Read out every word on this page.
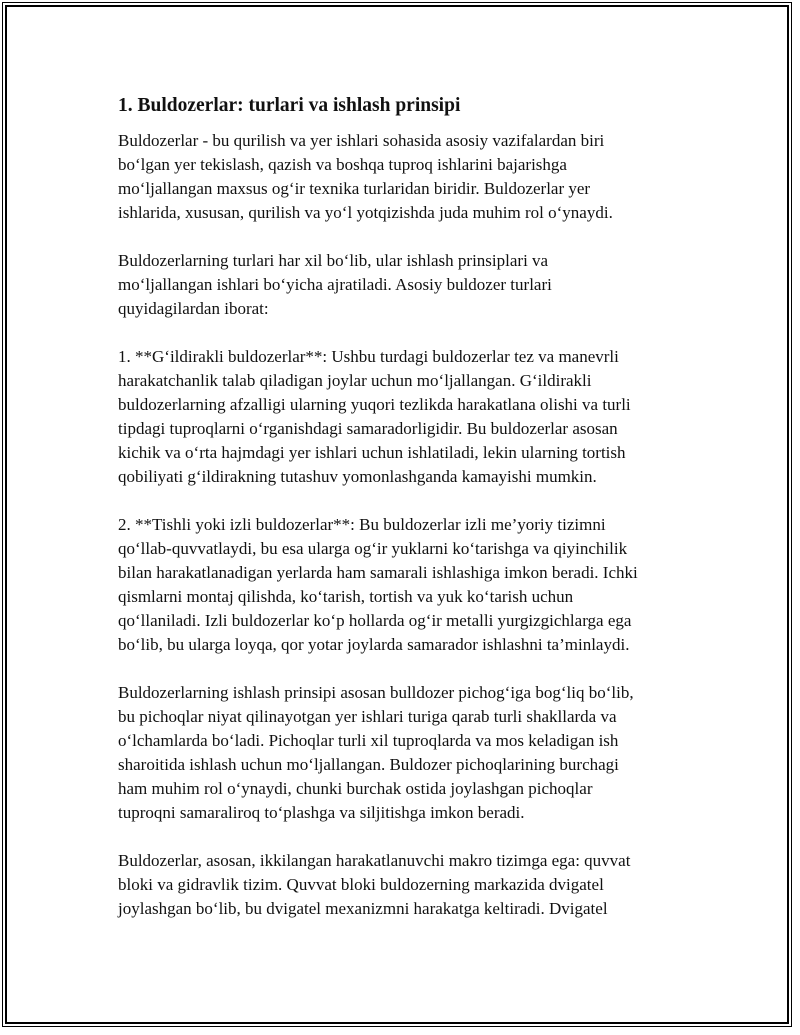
1. Buldozerlar: turlari va ishlash prinsipi
Buldozerlar - bu qurilish va yer ishlari sohasida asosiy vazifalardan biri
bo‘lgan yer tekislash, qazish va boshqa tuproq ishlarini bajarishga
mo‘ljallangan maxsus og‘ir texnika turlaridan biridir. Buldozerlar yer
ishlarida, xususan, qurilish va yo‘l yotqizishda juda muhim rol o‘ynaydi.
Buldozerlarning turlari har xil bo‘lib, ular ishlash prinsiplari va
mo‘ljallangan ishlari bo‘yicha ajratiladi. Asosiy buldozer turlari
quyidagilardan iborat:
1. **G‘ildirakli buldozerlar**: Ushbu turdagi buldozerlar tez va manevrli
harakatchanlik talab qiladigan joylar uchun mo‘ljallangan. G‘ildirakli
buldozerlarning afzalligi ularning yuqori tezlikda harakatlana olishi va turli
tipdagi tuproqlarni o‘rganishdagi samaradorligidir. Bu buldozerlar asosan
kichik va o‘rta hajmdagi yer ishlari uchun ishlatiladi, lekin ularning tortish
qobiliyati g‘ildirakning tutashuv yomonlashganda kamayishi mumkin.
2. **Tishli yoki izli buldozerlar**: Bu buldozerlar izli me’yoriy tizimni
qo‘llab-quvvatlaydi, bu esa ularga og‘ir yuklarni ko‘tarishga va qiyinchilik
bilan harakatlanadigan yerlarda ham samarali ishlashiga imkon beradi. Ichki
qismlarni montaj qilishda, ko‘tarish, tortish va yuk ko‘tarish uchun
qo‘llaniladi. Izli buldozerlar ko‘p hollarda og‘ir metalli yurgizgichlarga ega
bo‘lib, bu ularga loyqa, qor yotar joylarda samarador ishlashni ta’minlaydi.
Buldozerlarning ishlash prinsipi asosan bulldozer pichog‘iga bog‘liq bo‘lib,
bu pichoqlar niyat qilinayotgan yer ishlari turiga qarab turli shakllarda va
o‘lchamlarda bo‘ladi. Pichoqlar turli xil tuproqlarda va mos keladigan ish
sharoitida ishlash uchun mo‘ljallangan. Buldozer pichoqlarining burchagi
ham muhim rol o‘ynaydi, chunki burchak ostida joylashgan pichoqlar
tuproqni samaraliroq to‘plashga va siljitishga imkon beradi.
Buldozerlar, asosan, ikkilangan harakatlanuvchi makro tizimga ega: quvvat
bloki va gidravlik tizim. Quvvat bloki buldozerning markazida dvigatel
joylashgan bo‘lib, bu dvigatel mexanizmni harakatga keltiradi. Dvigatel
